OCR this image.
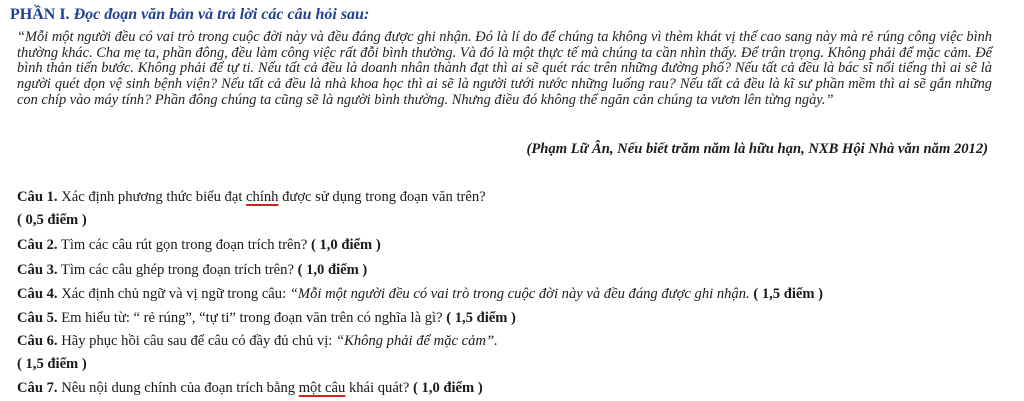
PHẦN I. Đọc đoạn văn bản và trả lời các câu hỏi sau:
“Mỗi một người đều có vai trò trong cuộc đời này và đều đáng được ghi nhận. Đó là lí do để chúng ta không vì thèm khát vị thế cao sang này mà rẻ rúng công việc bình thường khác. Cha mẹ ta, phần đông, đều làm công việc rất đỗi bình thường. Và đó là một thực tế mà chúng ta cần nhìn thấy. Để trân trọng. Không phải để mặc cảm. Để bình thản tiến bước. Không phải để tự ti. Nếu tất cả đều là doanh nhân thành đạt thì ai sẽ quét rác trên những đường phố? Nếu tất cả đều là bác sĩ nổi tiếng thì ai sẽ là người quét dọn vệ sinh bệnh viện? Nếu tất cả đều là nhà khoa học thì ai sẽ là người tưới nước những luống rau? Nếu tất cả đều là kĩ sư phần mềm thì ai sẽ gắn những con chíp vào máy tính? Phần đông chúng ta cũng sẽ là người bình thường. Nhưng điều đó không thể ngăn cản chúng ta vươn lên từng ngày.”
(Phạm Lữ Ân, Nếu biết trăm năm là hữu hạn, NXB Hội Nhà văn năm 2012)
Câu 1. Xác định phương thức biểu đạt chính được sử dụng trong đoạn văn trên?
( 0,5 điểm )
Câu 2. Tìm các câu rút gọn trong đoạn trích trên? ( 1,0 điểm )
Câu 3. Tìm các câu ghép trong đoạn trích trên? ( 1,0 điểm )
Câu 4. Xác định chủ ngữ và vị ngữ trong câu: “Mỗi một người đều có vai trò trong cuộc đời này và đều đáng được ghi nhận. ( 1,5 điểm )
Câu 5. Em hiểu từ: “ rẻ rúng”, “tự ti” trong đoạn văn trên có nghĩa là gì? ( 1,5 điểm )
Câu 6. Hãy phục hồi câu sau để câu có đầy đủ chủ vị: “Không phải để mặc cảm”.
( 1,5 điểm )
Câu 7. Nêu nội dung chính của đoạn trích bằng một câu khái quát? ( 1,0 điểm )
